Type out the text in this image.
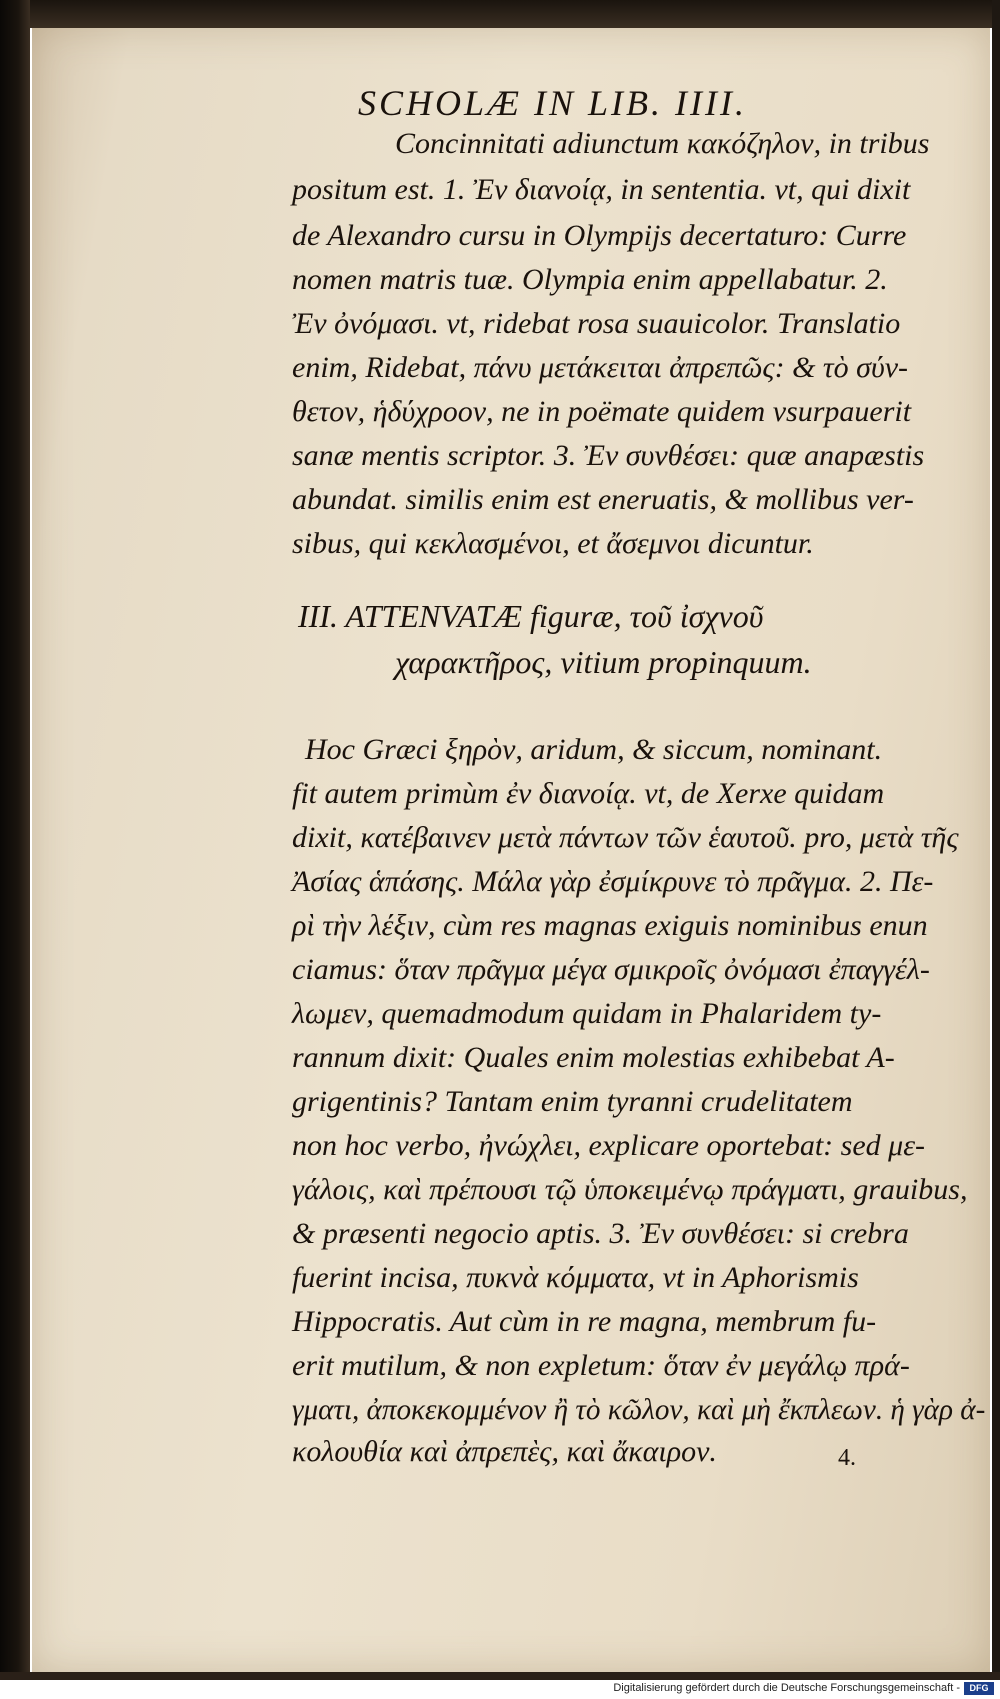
SCHOLÆ IN LIB. IIII.
Concinnitati adiunctum κακόζηλον, in tribus
positum est. 1. Ἐν διανοίᾳ, in sententia. vt, qui dixit
de Alexandro cursu in Olympijs decertaturo: Curre
nomen matris tuæ. Olympia enim appellabatur. 2.
Ἐν ὀνόμασι. vt, ridebat rosa suauicolor. Translatio
enim, Ridebat, πάνυ μετάκειται ἀπρεπῶς: & τὸ σύν-
θετον, ἡδύχροον, ne in poëmate quidem vsurpauerit
sanæ mentis scriptor. 3. Ἐν συνθέσει: quæ anapæstis
abundat. similis enim est eneruatis, & mollibus ver-
sibus, qui κεκλασμένοι, et ἄσεμνοι dicuntur.
III. ATTENVATÆ figuræ, τοῦ ἰσχνοῦ
χαρακτῆρος, vitium propinquum.
Hoc Græci ξηρὸν, aridum, & siccum, nominant.
fit autem primùm ἐν διανοίᾳ. vt, de Xerxe quidam
dixit, κατέβαινεν μετὰ πάντων τῶν ἑαυτοῦ. pro, μετὰ τῆς
Ἀσίας ἁπάσης. Μάλα γὰρ ἐσμίκρυνε τὸ πρᾶγμα. 2. Πε-
ρὶ τὴν λέξιν, cùm res magnas exiguis nominibus enun
ciamus: ὅταν πρᾶγμα μέγα σμικροῖς ὀνόμασι ἐπαγγέλ-
λωμεν, quemadmodum quidam in Phalaridem ty-
rannum dixit: Quales enim molestias exhibebat A-
grigentinis? Tantam enim tyranni crudelitatem
non hoc verbo, ἠνώχλει, explicare oportebat: sed με-
γάλοις, καὶ πρέπουσι τῷ ὑποκειμένῳ πράγματι, grauibus,
& præsenti negocio aptis. 3. Ἐν συνθέσει: si crebra
fuerint incisa, πυκνὰ κόμματα, vt in Aphorismis
Hippocratis. Aut cùm in re magna, membrum fu-
erit mutilum, & non expletum: ὅταν ἐν μεγάλῳ πρά-
γματι, ἀποκεκομμένον ἢ τὸ κῶλον, καὶ μὴ ἔκπλεων. ἡ γὰρ ἀ-
κολουθία καὶ ἀπρεπὲς, καὶ ἄκαιρον.	4.
Digitalisierung gefördert durch die Deutsche Forschungsgemeinschaft -	DFG
